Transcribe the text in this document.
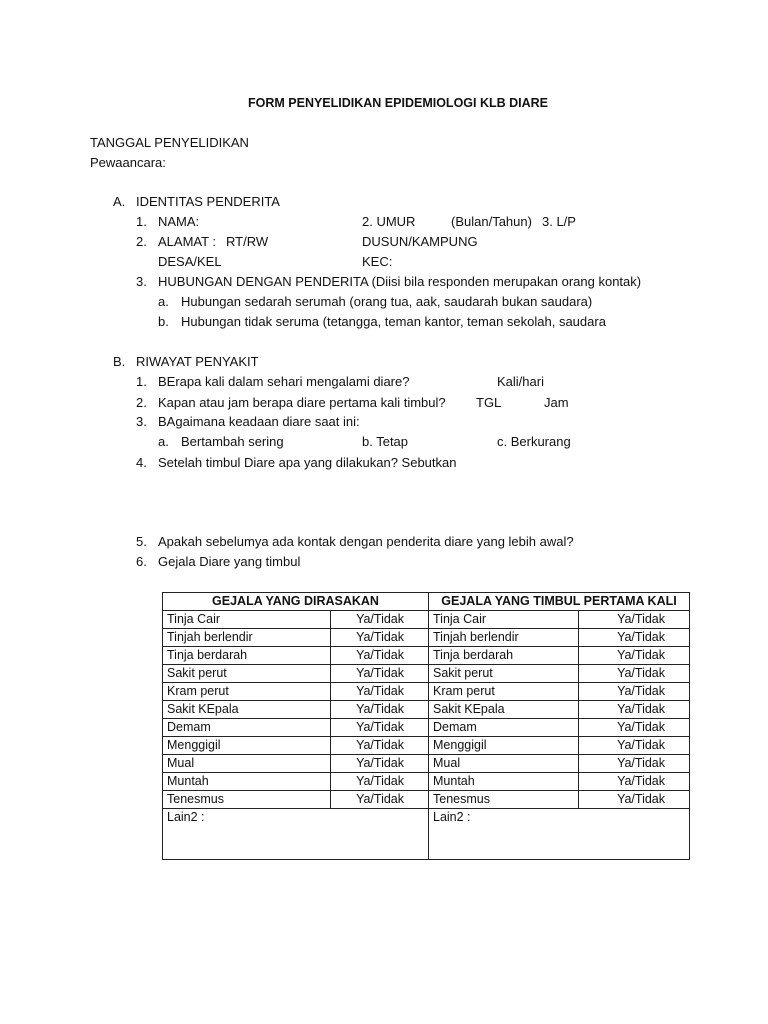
FORM PENYELIDIKAN EPIDEMIOLOGI KLB DIARE
TANGGAL PENYELIDIKAN
Pewaancara:
A. IDENTITAS PENDERITA
1. NAMA:	2. UMUR	(Bulan/Tahun) 3. L/P
2. ALAMAT : RT/RW	DUSUN/KAMPUNG
DESA/KEL	KEC:
3. HUBUNGAN DENGAN PENDERITA (Diisi bila responden merupakan orang kontak)
a. Hubungan sedarah serumah (orang tua, aak, saudarah bukan saudara)
b. Hubungan tidak seruma (tetangga, teman kantor, teman sekolah, saudara
B. RIWAYAT PENYAKIT
1. BErapa kali dalam sehari mengalami diare?	Kali/hari
2. Kapan atau jam berapa diare pertama kali timbul? TGL	Jam
3. BAgaimana keadaan diare saat ini:
a. Bertambah sering	b. Tetap	c. Berkurang
4. Setelah timbul Diare apa yang dilakukan? Sebutkan
5. Apakah sebelumya ada kontak dengan penderita diare yang lebih awal?
6. Gejala Diare yang timbul
GEJALA YANG DIRASAKAN		GEJALA YANG TIMBUL PERTAMA KALI	
Tinja Cair	Ya/Tidak	Tinja Cair	Ya/Tidak
Tinjah berlendir	Ya/Tidak	Tinjah berlendir	Ya/Tidak
Tinja berdarah	Ya/Tidak	Tinja berdarah	Ya/Tidak
Sakit perut	Ya/Tidak	Sakit perut	Ya/Tidak
Kram perut	Ya/Tidak	Kram perut	Ya/Tidak
Sakit KEpala	Ya/Tidak	Sakit KEpala	Ya/Tidak
Demam	Ya/Tidak	Demam	Ya/Tidak
Menggigil	Ya/Tidak	Menggigil	Ya/Tidak
Mual	Ya/Tidak	Mual	Ya/Tidak
Muntah	Ya/Tidak	Muntah	Ya/Tidak
Tenesmus	Ya/Tidak	Tenesmus	Ya/Tidak
Lain2 :		Lain2 :	
